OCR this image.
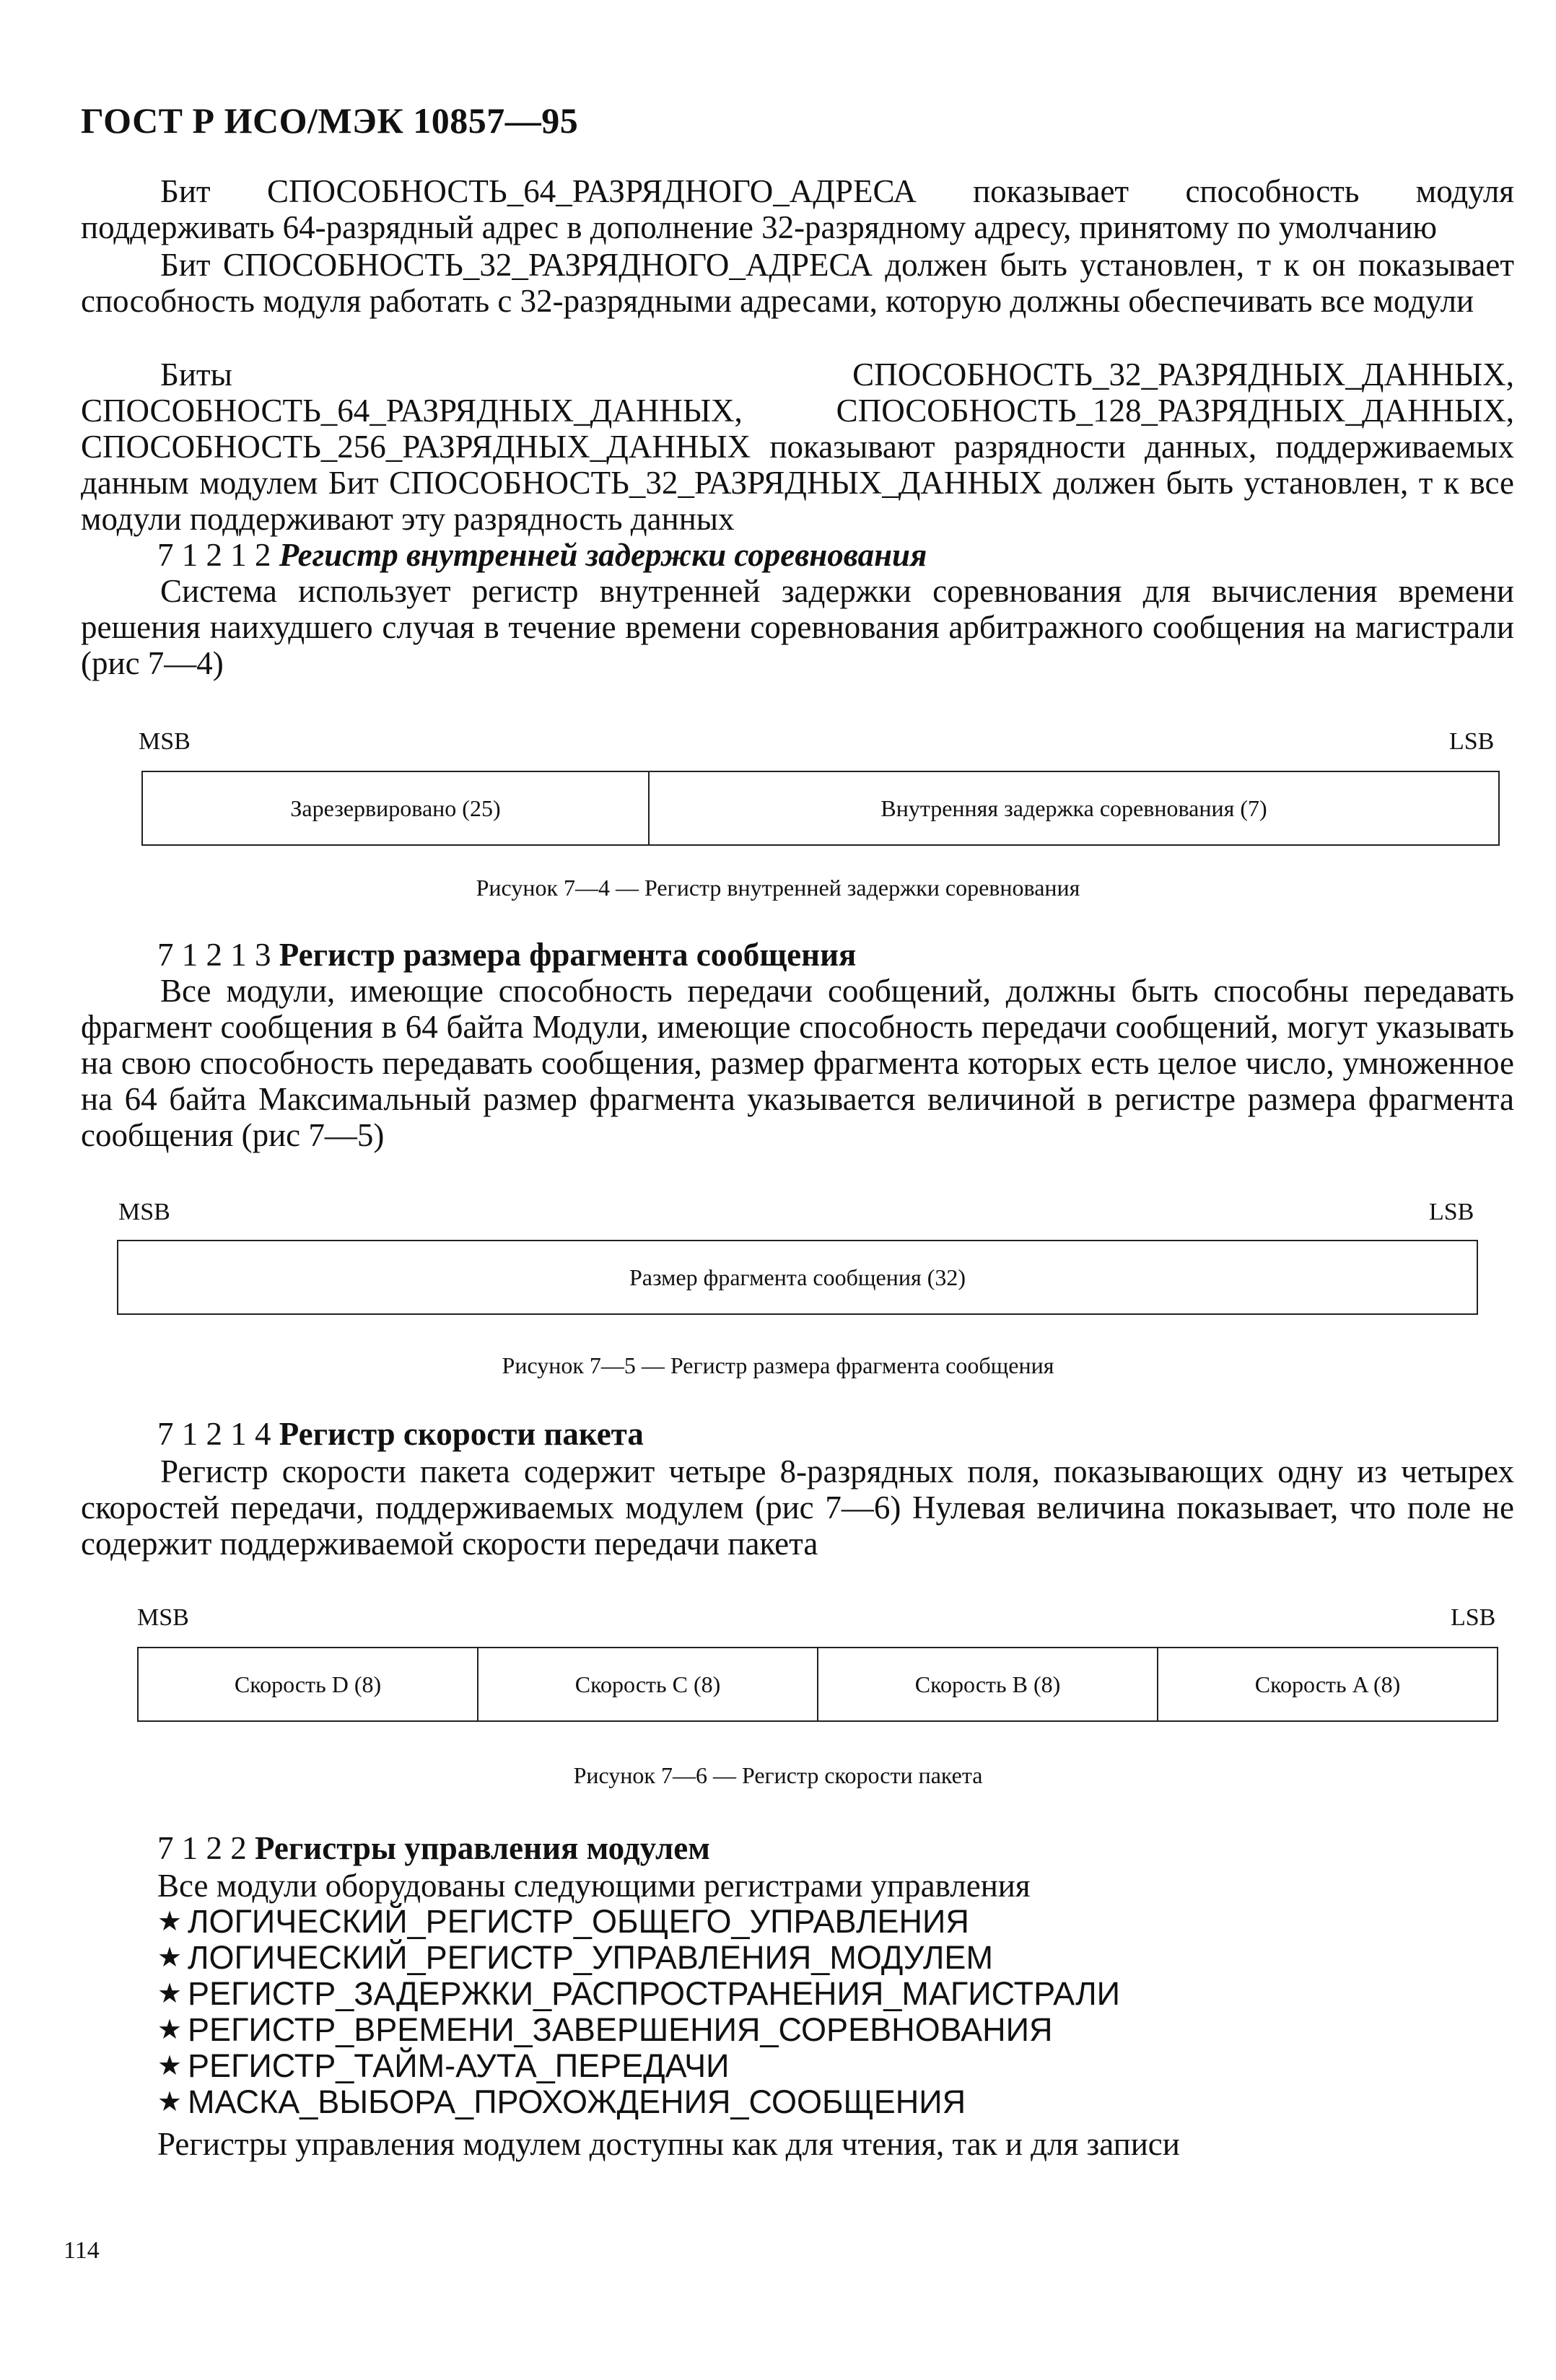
ГОСТ Р ИСО/МЭК 10857—95

Бит СПОСОБНОСТЬ_64_РАЗРЯДНОГО_АДРЕСА показывает способность модуля поддерживать 64-разрядный адрес в дополнение 32-разрядному адресу, принятому по умолчанию

Бит СПОСОБНОСТЬ_32_РАЗРЯДНОГО_АДРЕСА должен быть установлен, т к он показывает способность модуля работать с 32-разрядными адресами, которую должны обеспечивать все модули

Биты СПОСОБНОСТЬ_32_РАЗРЯДНЫХ_ДАННЫХ, СПОСОБНОСТЬ_64_РАЗРЯДНЫХ_ДАННЫХ, СПОСОБНОСТЬ_128_РАЗРЯДНЫХ_ДАННЫХ, СПОСОБНОСТЬ_256_РАЗРЯДНЫХ_ДАННЫХ показывают разрядности данных, поддерживаемых данным модулем Бит СПОСОБНОСТЬ_32_РАЗРЯДНЫХ_ДАННЫХ должен быть установлен, т к все модули поддерживают эту разрядность данных

7 1 2 1 2 Регистр внутренней задержки соревнования

Система использует регистр внутренней задержки соревнования для вычисления времени решения наихудшего случая в течение времени соревнования арбитражного сообщения на магистрали (рис 7—4)

MSB	LSB
Зарезервировано (25)	Внутренняя задержка соревнования (7)
Рисунок 7—4 — Регистр внутренней задержки соревнования
7 1 2 1 3 Регистр размера фрагмента сообщения

Все модули, имеющие способность передачи сообщений, должны быть способны передавать фрагмент сообщения в 64 байта Модули, имеющие способность передачи сообщений, могут указывать на свою способность передавать сообщения, размер фрагмента которых есть целое число, умноженное на 64 байта Максимальный размер фрагмента указывается величиной в регистре размера фрагмента сообщения (рис 7—5)

MSB	LSB
Размер фрагмента сообщения (32)
Рисунок 7—5 — Регистр размера фрагмента сообщения
7 1 2 1 4 Регистр скорости пакета

Регистр скорости пакета содержит четыре 8-разрядных поля, показывающих одну из четырех скоростей передачи, поддерживаемых модулем (рис 7—6) Нулевая величина показывает, что поле не содержит поддерживаемой скорости передачи пакета

MSB	LSB
Скорость D (8)	Скорость C (8)	Скорость B (8)	Скорость A (8)
Рисунок 7—6 — Регистр скорости пакета
7 1 2 2 Регистры управления модулем

Все модули оборудованы следующими регистрами управления

★ ЛОГИЧЕСКИЙ_РЕГИСТР_ОБЩЕГО_УПРАВЛЕНИЯ
★ ЛОГИЧЕСКИЙ_РЕГИСТР_УПРАВЛЕНИЯ_МОДУЛЕМ
★ РЕГИСТР_ЗАДЕРЖКИ_РАСПРОСТРАНЕНИЯ_МАГИСТРАЛИ
★ РЕГИСТР_ВРЕМЕНИ_ЗАВЕРШЕНИЯ_СОРЕВНОВАНИЯ
★ РЕГИСТР_ТАЙМ-АУТА_ПЕРЕДАЧИ
★ МАСКА_ВЫБОРА_ПРОХОЖДЕНИЯ_СООБЩЕНИЯ

Регистры управления модулем доступны как для чтения, так и для записи

114
